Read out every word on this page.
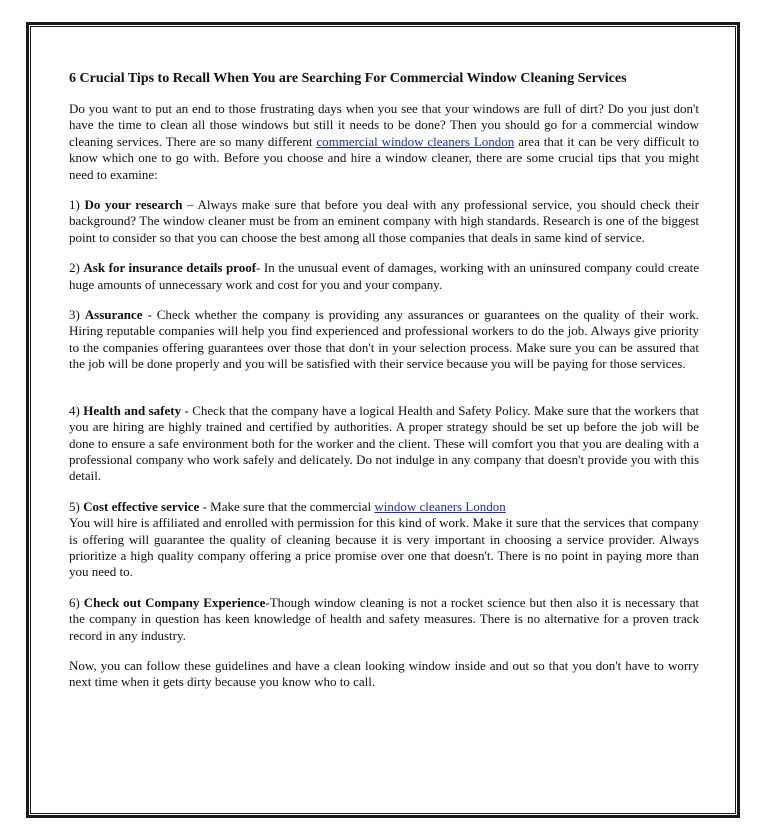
6 Crucial Tips to Recall When You are Searching For Commercial Window Cleaning Services

Do you want to put an end to those frustrating days when you see that your windows are full of dirt? Do you just don't have the time to clean all those windows but still it needs to be done? Then you should go for a commercial window cleaning services. There are so many different commercial window cleaners London area that it can be very difficult to know which one to go with. Before you choose and hire a window cleaner, there are some crucial tips that you might need to examine:

1) Do your research – Always make sure that before you deal with any professional service, you should check their background? The window cleaner must be from an eminent company with high standards. Research is one of the biggest point to consider so that you can choose the best among all those companies that deals in same kind of service.

2) Ask for insurance details proof- In the unusual event of damages, working with an uninsured company could create huge amounts of unnecessary work and cost for you and your company.

3) Assurance - Check whether the company is providing any assurances or guarantees on the quality of their work. Hiring reputable companies will help you find experienced and professional workers to do the job. Always give priority to the companies offering guarantees over those that don't in your selection process. Make sure you can be assured that the job will be done properly and you will be satisfied with their service because you will be paying for those services.

4) Health and safety - Check that the company have a logical Health and Safety Policy. Make sure that the workers that you are hiring are highly trained and certified by authorities. A proper strategy should be set up before the job will be done to ensure a safe environment both for the worker and the client. These will comfort you that you are dealing with a professional company who work safely and delicately. Do not indulge in any company that doesn't provide you with this detail.

5) Cost effective service - Make sure that the commercial window cleaners London
You will hire is affiliated and enrolled with permission for this kind of work. Make it sure that the services that company is offering will guarantee the quality of cleaning because it is very important in choosing a service provider. Always prioritize a high quality company offering a price promise over one that doesn't. There is no point in paying more than you need to.

6) Check out Company Experience-Though window cleaning is not a rocket science but then also it is necessary that the company in question has keen knowledge of health and safety measures. There is no alternative for a proven track record in any industry.

Now, you can follow these guidelines and have a clean looking window inside and out so that you don't have to worry next time when it gets dirty because you know who to call.
